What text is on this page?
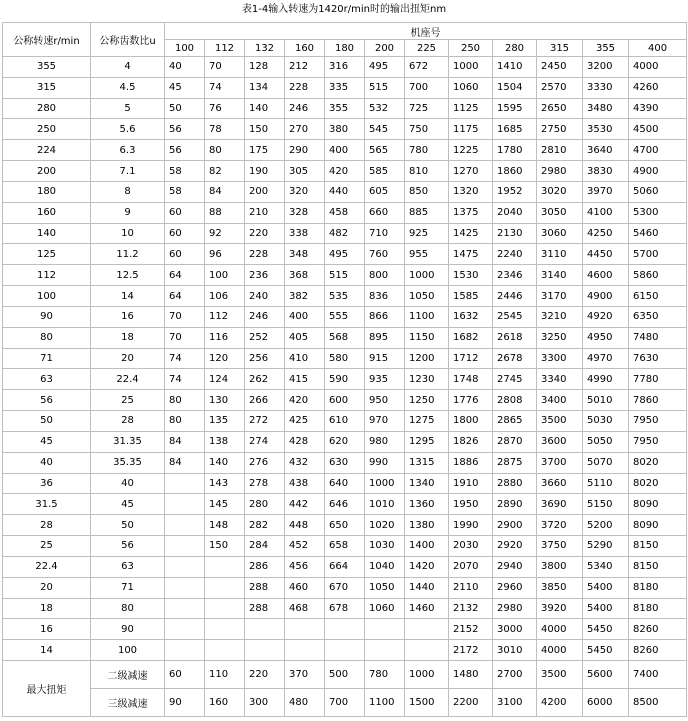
表1-4输入转速为1420r/min时的输出扭矩nm
公称转速r/min	公称齿数比u	机座号											
		100	112	132	160	180	200	225	250	280	315	355	400
355	4	40	70	128	212	316	495	672	1000	1410	2450	3200	4000
315	4.5	45	74	134	228	335	515	700	1060	1504	2570	3330	4260
280	5	50	76	140	246	355	532	725	1125	1595	2650	3480	4390
250	5.6	56	78	150	270	380	545	750	1175	1685	2750	3530	4500
224	6.3	56	80	175	290	400	565	780	1225	1780	2810	3640	4700
200	7.1	58	82	190	305	420	585	810	1270	1860	2980	3830	4900
180	8	58	84	200	320	440	605	850	1320	1952	3020	3970	5060
160	9	60	88	210	328	458	660	885	1375	2040	3050	4100	5300
140	10	60	92	220	338	482	710	925	1425	2130	3060	4250	5460
125	11.2	60	96	228	348	495	760	955	1475	2240	3110	4450	5700
112	12.5	64	100	236	368	515	800	1000	1530	2346	3140	4600	5860
100	14	64	106	240	382	535	836	1050	1585	2446	3170	4900	6150
90	16	70	112	246	400	555	866	1100	1632	2545	3210	4920	6350
80	18	70	116	252	405	568	895	1150	1682	2618	3250	4950	7480
71	20	74	120	256	410	580	915	1200	1712	2678	3300	4970	7630
63	22.4	74	124	262	415	590	935	1230	1748	2745	3340	4990	7780
56	25	80	130	266	420	600	950	1250	1776	2808	3400	5010	7860
50	28	80	135	272	425	610	970	1275	1800	2865	3500	5030	7950
45	31.35	84	138	274	428	620	980	1295	1826	2870	3600	5050	7950
40	35.35	84	140	276	432	630	990	1315	1886	2875	3700	5070	8020
36	40		143	278	438	640	1000	1340	1910	2880	3660	5110	8020
31.5	45		145	280	442	646	1010	1360	1950	2890	3690	5150	8090
28	50		148	282	448	650	1020	1380	1990	2900	3720	5200	8090
25	56		150	284	452	658	1030	1400	2030	2920	3750	5290	8150
22.4	63			286	456	664	1040	1420	2070	2940	3800	5340	8150
20	71			288	460	670	1050	1440	2110	2960	3850	5400	8180
18	80			288	468	678	1060	1460	2132	2980	3920	5400	8180
16	90								2152	3000	4000	5450	8260
14	100								2172	3010	4000	5450	8260
最大扭矩	二级减速	60	110	220	370	500	780	1000	1480	2700	3500	5600	7400
	三级减速	90	160	300	480	700	1100	1500	2200	3100	4200	6000	8500
